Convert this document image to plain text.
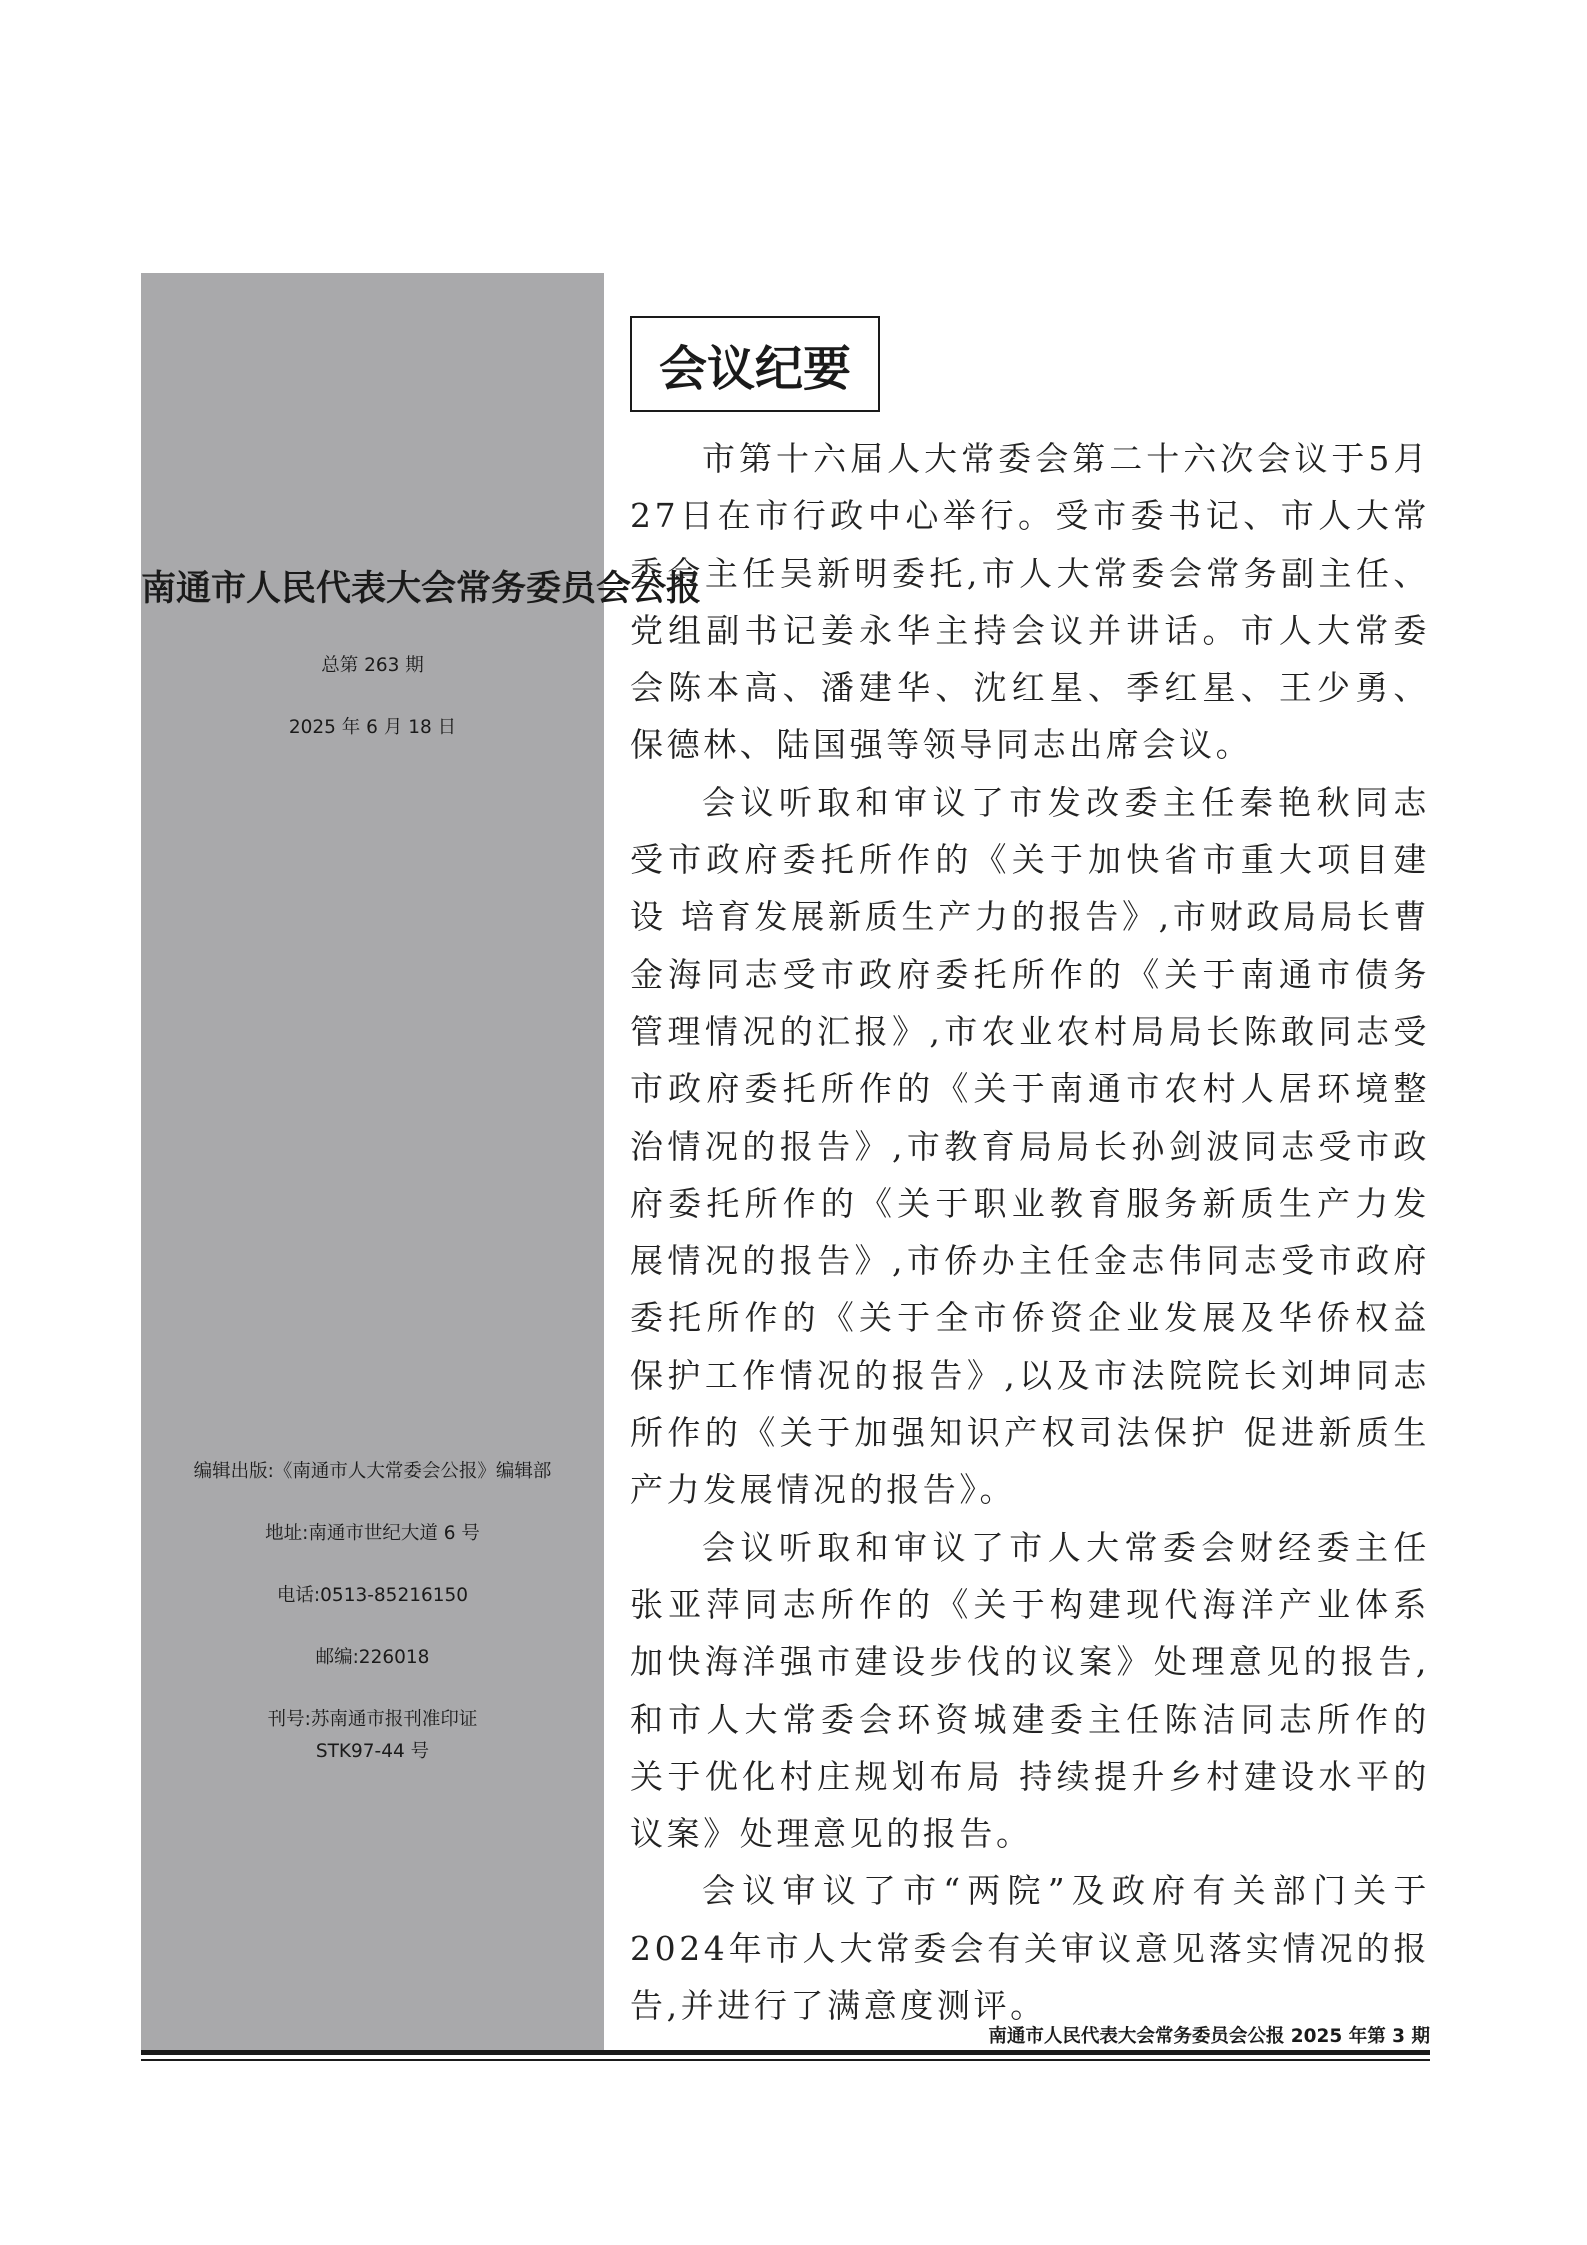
南通市人民代表大会常务委员会公报
总第 263 期
2025 年 6 月 18 日
编辑出版:《南通市人大常委会公报》编辑部
地址:南通市世纪大道 6 号
电话:0513-85216150
邮编:226018
刊号:苏南通市报刊准印证
STK97-44 号
会议纪要

市第十六届人大常委会第二十六次会议于5月27日在市行政中心举行。受市委书记、市人大常委会主任吴新明委托,市人大常委会常务副主任、党组副书记姜永华主持会议并讲话。市人大常委会陈本高、潘建华、沈红星、季红星、王少勇、保德林、陆国强等领导同志出席会议。

会议听取和审议了市发改委主任秦艳秋同志受市政府委托所作的《关于加快省市重大项目建设 培育发展新质生产力的报告》,市财政局局长曹金海同志受市政府委托所作的《关于南通市债务管理情况的汇报》,市农业农村局局长陈敢同志受市政府委托所作的《关于南通市农村人居环境整治情况的报告》,市教育局局长孙剑波同志受市政府委托所作的《关于职业教育服务新质生产力发展情况的报告》,市侨办主任金志伟同志受市政府委托所作的《关于全市侨资企业发展及华侨权益保护工作情况的报告》,以及市法院院长刘坤同志所作的《关于加强知识产权司法保护 促进新质生产力发展情况的报告》。

会议听取和审议了市人大常委会财经委主任张亚萍同志所作的《关于构建现代海洋产业体系 加快海洋强市建设步伐的议案》处理意见的报告,和市人大常委会环资城建委主任陈洁同志所作的关于优化村庄规划布局 持续提升乡村建设水平的议案》处理意见的报告。

会议审议了市“两院”及政府有关部门关于2024年市人大常委会有关审议意见落实情况的报告,并进行了满意度测评。

南通市人民代表大会常务委员会公报 2025 年第 3 期
